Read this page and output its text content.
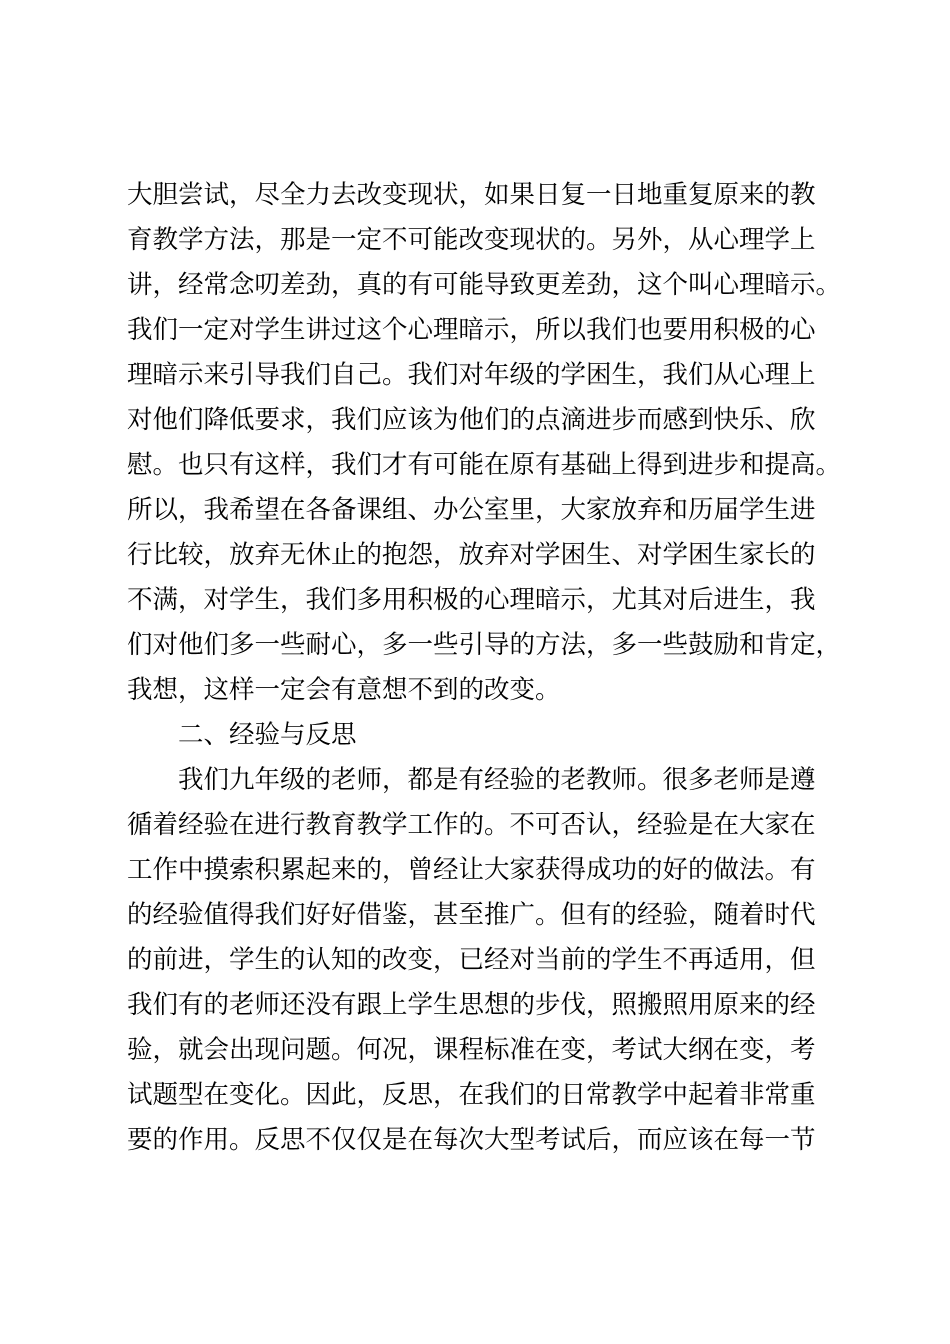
大胆尝试，尽全力去改变现状，如果日复一日地重复原来的教
育教学方法，那是一定不可能改变现状的。另外，从心理学上
讲，经常念叨差劲，真的有可能导致更差劲，这个叫心理暗示。
我们一定对学生讲过这个心理暗示，所以我们也要用积极的心
理暗示来引导我们自己。我们对年级的学困生，我们从心理上
对他们降低要求，我们应该为他们的点滴进步而感到快乐、欣
慰。也只有这样，我们才有可能在原有基础上得到进步和提高。
所以，我希望在各备课组、办公室里，大家放弃和历届学生进
行比较，放弃无休止的抱怨，放弃对学困生、对学困生家长的
不满，对学生，我们多用积极的心理暗示，尤其对后进生，我
们对他们多一些耐心，多一些引导的方法，多一些鼓励和肯定，
我想，这样一定会有意想不到的改变。
二、经验与反思
我们九年级的老师，都是有经验的老教师。很多老师是遵
循着经验在进行教育教学工作的。不可否认，经验是在大家在
工作中摸索积累起来的，曾经让大家获得成功的好的做法。有
的经验值得我们好好借鉴，甚至推广。但有的经验，随着时代
的前进，学生的认知的改变，已经对当前的学生不再适用，但
我们有的老师还没有跟上学生思想的步伐，照搬照用原来的经
验，就会出现问题。何况，课程标准在变，考试大纲在变，考
试题型在变化。因此，反思，在我们的日常教学中起着非常重
要的作用。反思不仅仅是在每次大型考试后，而应该在每一节
